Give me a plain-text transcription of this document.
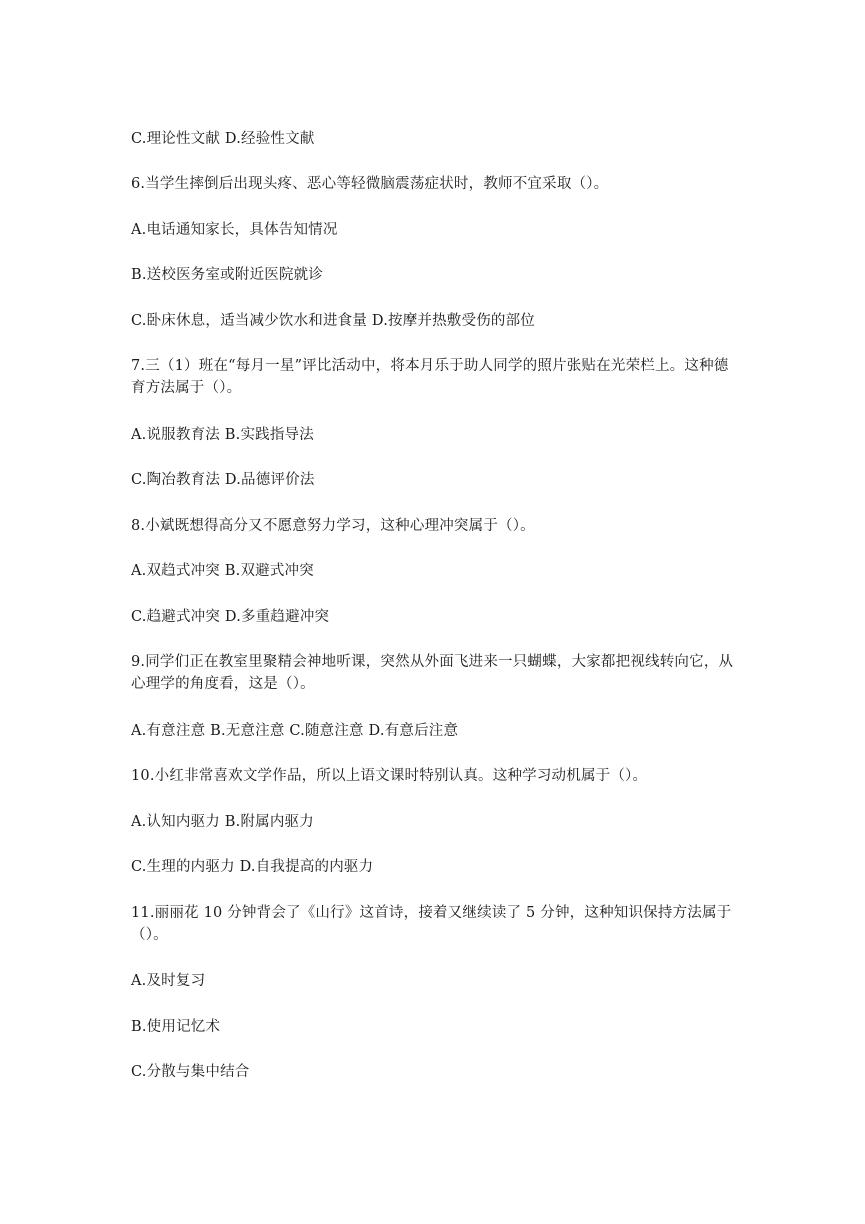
C.理论性文献 D.经验性文献
6.当学生摔倒后出现头疼、恶心等轻微脑震荡症状时，教师不宜采取（）。
A.电话通知家长，具体告知情况
B.送校医务室或附近医院就诊
C.卧床休息，适当减少饮水和进食量 D.按摩并热敷受伤的部位
7.三（1）班在“每月一星”评比活动中，将本月乐于助人同学的照片张贴在光荣栏上。这种德育方法属于（）。
A.说服教育法 B.实践指导法
C.陶冶教育法 D.品德评价法
8.小斌既想得高分又不愿意努力学习，这种心理冲突属于（）。
A.双趋式冲突 B.双避式冲突
C.趋避式冲突 D.多重趋避冲突
9.同学们正在教室里聚精会神地听课，突然从外面飞进来一只蝴蝶，大家都把视线转向它，从心理学的角度看，这是（）。
A.有意注意 B.无意注意 C.随意注意 D.有意后注意
10.小红非常喜欢文学作品，所以上语文课时特别认真。这种学习动机属于（）。
A.认知内驱力 B.附属内驱力
C.生理的内驱力 D.自我提高的内驱力
11.丽丽花 10 分钟背会了《山行》这首诗，接着又继续读了 5 分钟，这种知识保持方法属于（）。
A.及时复习
B.使用记忆术
C.分散与集中结合
